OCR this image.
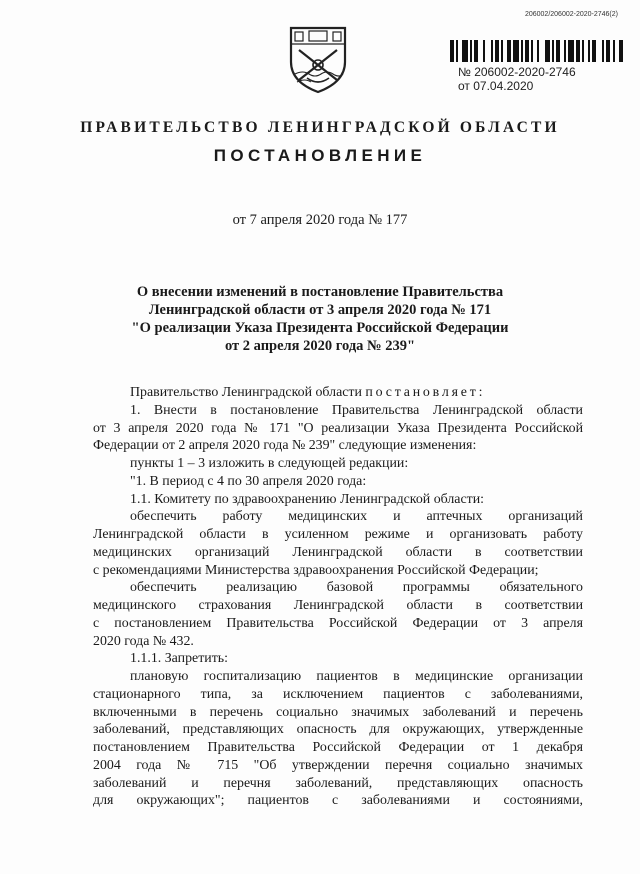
206002/206002-2020-2746(2)
№ 206002-2020-2746
от 07.04.2020
ПРАВИТЕЛЬСТВО ЛЕНИНГРАДСКОЙ ОБЛАСТИ
ПОСТАНОВЛЕНИЕ
от 7 апреля 2020 года № 177
О внесении изменений в постановление Правительства
Ленинградской области от 3 апреля 2020 года № 171
"О реализации Указа Президента Российской Федерации
от 2 апреля 2020 года № 239"
Правительство Ленинградской области постановляет:
1. Внести в постановление Правительства Ленинградской области
от 3 апреля 2020 года № 171 "О реализации Указа Президента Российской
Федерации от 2 апреля 2020 года № 239" следующие изменения:
пункты 1 – 3 изложить в следующей редакции:
"1. В период с 4 по 30 апреля 2020 года:
1.1. Комитету по здравоохранению Ленинградской области:
обеспечить работу медицинских и аптечных организаций
Ленинградской области в усиленном режиме и организовать работу
медицинских организаций Ленинградской области в соответствии
с рекомендациями Министерства здравоохранения Российской Федерации;
обеспечить реализацию базовой программы обязательного
медицинского страхования Ленинградской области в соответствии
с постановлением Правительства Российской Федерации от 3 апреля
2020 года № 432.
1.1.1. Запретить:
плановую госпитализацию пациентов в медицинские организации
стационарного типа, за исключением пациентов с заболеваниями,
включенными в перечень социально значимых заболеваний и перечень
заболеваний, представляющих опасность для окружающих, утвержденные
постановлением Правительства Российской Федерации от 1 декабря
2004 года № 715 "Об утверждении перечня социально значимых
заболеваний и перечня заболеваний, представляющих опасность
для окружающих"; пациентов с заболеваниями и состояниями,
